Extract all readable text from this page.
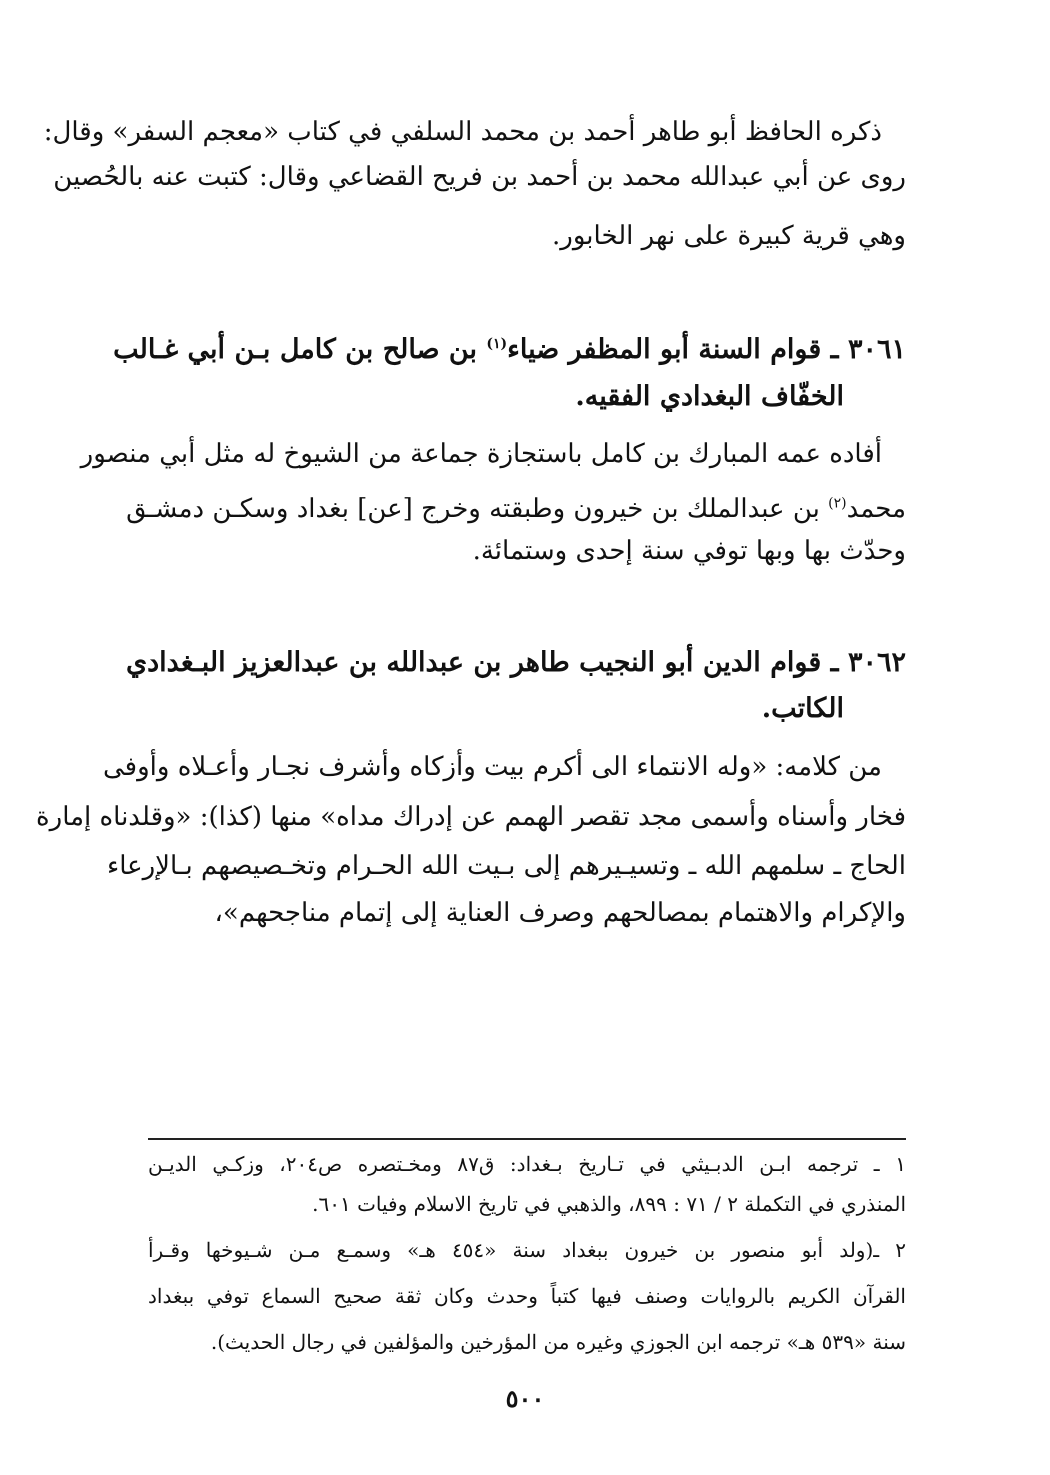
ذكره الحافظ أبو طاهر أحمد بن محمد السلفي في كتاب «معجم السفر» وقال:
روى عن أبي عبدالله محمد بن أحمد بن فريح القضاعي وقال: كتبت عنه بالحُصين
وهي قرية كبيرة على نهر الخابور.
٣٠٦١ ـ قوام السنة أبو المظفر ضياء$^{(١)}$ بن صالح بن كامل بـن أبي غـالب
الخفّاف البغدادي الفقيه.
أفاده عمه المبارك بن كامل باستجازة جماعة من الشيوخ له مثل أبي منصور
محمد$^{(٢)}$ بن عبدالملك بن خيرون وطبقته وخرج [عن] بغداد وسكـن دمشـق
وحدّث بها وبها توفي سنة إحدى وستمائة.
٣٠٦٢ ـ قوام الدين أبو النجيب طاهر بن عبدالله بن عبدالعزيز البـغدادي
الكاتب.
من كلامه: «وله الانتماء الى أكرم بيت وأزكاه وأشرف نجـار وأعـلاه وأوفى
فخار وأسناه وأسمى مجد تقصر الهمم عن إدراك مداه» منها (كذا): «وقلدناه إمارة
الحاج ـ سلمهم الله ـ وتسيـيرهم إلى بـيت الله الحـرام وتخـصيصهم بـالإرعاء
والإكرام والاهتمام بمصالحهم وصرف العناية إلى إتمام مناجحهم»،
١ ـ ترجمه ابـن الدبـيثي في تـاريخ بـغداد: ق٨٧ ومخـتصره ص٢٠٤، وزكـي الديـن
المنذري في التكملة ٢ / ٧١ : ٨٩٩، والذهبي في تاريخ الاسلام وفيات ٦٠١.
٢ ـ(ولد أبو منصور بن خيرون ببغداد سنة «٤٥٤ هـ» وسمـع مـن شـيوخها وقـرأ
القرآن الكريم بالروايات وصنف فيها كتباً وحدث وكان ثقة صحيح السماع توفي ببغداد
سنة «٥٣٩ هـ» ترجمه ابن الجوزي وغيره من المؤرخين والمؤلفين في رجال الحديث).
٥٠٠
